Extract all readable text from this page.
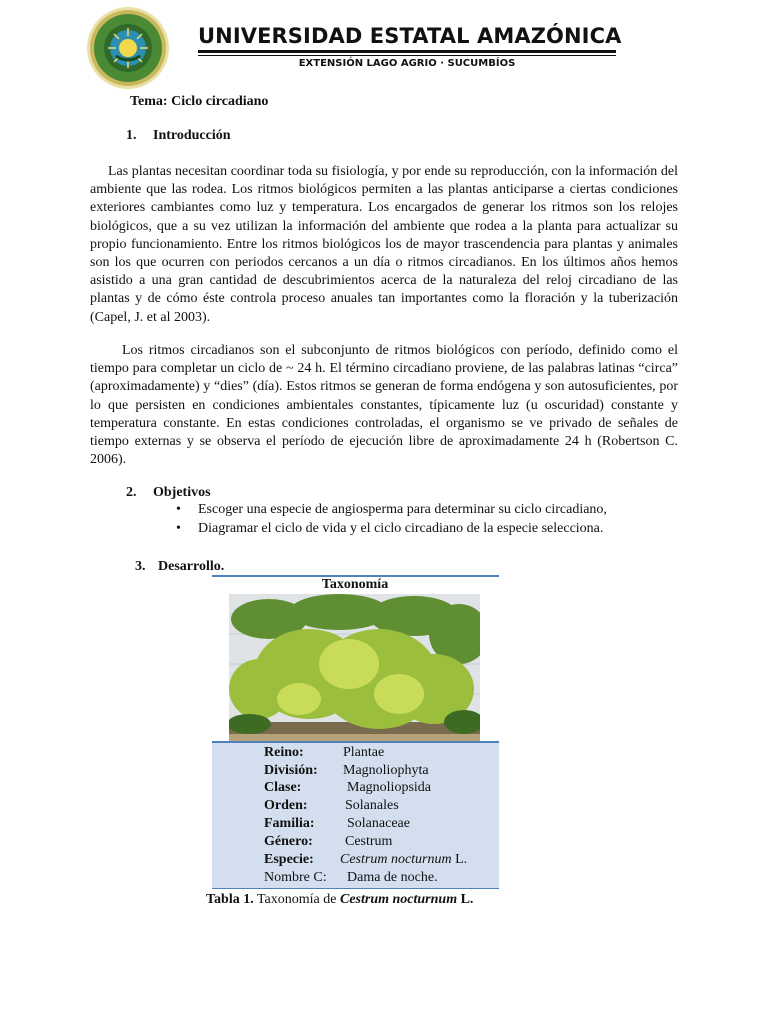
UNIVERSIDAD ESTATAL AMAZÓNICA
EXTENSIÓN LAGO AGRIO · SUCUMBÍOS
Tema: Ciclo circadiano
1. Introducción

Las plantas necesitan coordinar toda su fisiología, y por ende su reproducción, con la información del ambiente que las rodea. Los ritmos biológicos permiten a las plantas anticiparse a ciertas condiciones exteriores cambiantes como luz y temperatura. Los encargados de generar los ritmos son los relojes biológicos, que a su vez utilizan la información del ambiente que rodea a la planta para actualizar su propio funcionamiento. Entre los ritmos biológicos los de mayor trascendencia para plantas y animales son los que ocurren con periodos cercanos a un día o ritmos circadianos. En los últimos años hemos asistido a una gran cantidad de descubrimientos acerca de la naturaleza del reloj circadiano de las plantas y de cómo éste controla proceso anuales tan importantes como la floración y la tuberización (Capel, J. et al 2003).

Los ritmos circadianos son el subconjunto de ritmos biológicos con período, definido como el tiempo para completar un ciclo de ~ 24 h. El término circadiano proviene, de las palabras latinas “circa” (aproximadamente) y “dies” (día). Estos ritmos se generan de forma endógena y son autosuficientes, por lo que persisten en condiciones ambientales constantes, típicamente luz (u oscuridad) constante y temperatura constante. En estas condiciones controladas, el organismo se ve privado de señales de tiempo externas y se observa el período de ejecución libre de aproximadamente 24 h (Robertson C. 2006).

2. Objetivos
• Escoger una especie de angiosperma para determinar su ciclo circadiano,
• Diagramar el ciclo de vida y el ciclo circadiano de la especie selecciona.
3. Desarrollo.
Taxonomía
Reino:	Plantae
División: Magnoliophyta
Clase:	Magnoliopsida
Orden:	Solanales
Familia: Solanaceae
Género: Cestrum
Especie: Cestrum nocturnum L.
Nombre C: Dama de noche.
Tabla 1. Taxonomía de Cestrum nocturnum L.
